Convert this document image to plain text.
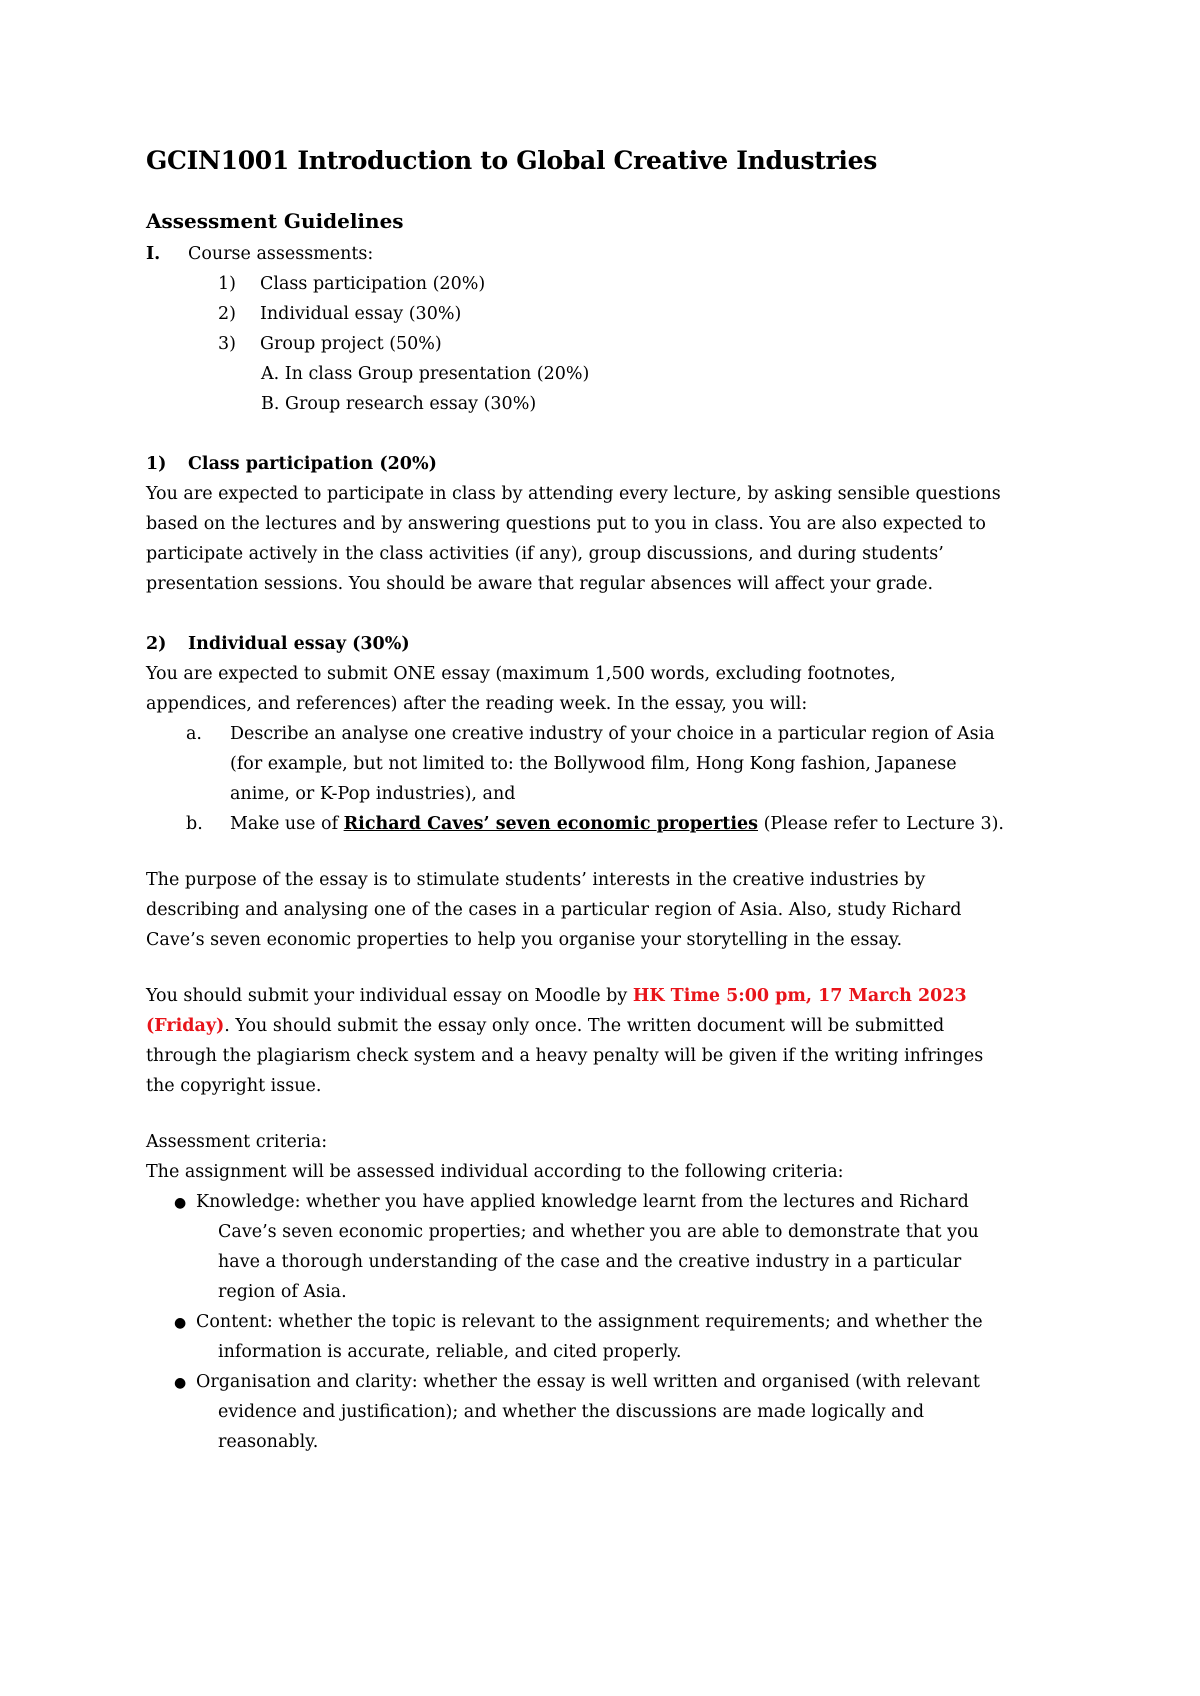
GCIN1001 Introduction to Global Creative Industries
Assessment Guidelines

I. Course assessments:

1) Class participation (20%)

2) Individual essay (30%)

3) Group project (50%)

A. In class Group presentation (20%)

B. Group research essay (30%)

1) Class participation (20%)

You are expected to participate in class by attending every lecture, by asking sensible questions

based on the lectures and by answering questions put to you in class. You are also expected to

participate actively in the class activities (if any), group discussions, and during students’

presentation sessions. You should be aware that regular absences will affect your grade.

2) Individual essay (30%)

You are expected to submit ONE essay (maximum 1,500 words, excluding footnotes,

appendices, and references) after the reading week. In the essay, you will:

a.	Describe an analyse one creative industry of your choice in a particular region of Asia
(for example, but not limited to: the Bollywood film, Hong Kong fashion, Japanese
anime, or K-Pop industries), and
b.	Make use of Richard Caves’ seven economic properties (Please refer to Lecture 3).

The purpose of the essay is to stimulate students’ interests in the creative industries by

describing and analysing one of the cases in a particular region of Asia. Also, study Richard

Cave’s seven economic properties to help you organise your storytelling in the essay.

You should submit your individual essay on Moodle by HK Time 5:00 pm, 17 March 2023

(Friday). You should submit the essay only once. The written document will be submitted

through the plagiarism check system and a heavy penalty will be given if the writing infringes

the copyright issue.

Assessment criteria:

The assignment will be assessed individual according to the following criteria:

● Knowledge: whether you have applied knowledge learnt from the lectures and Richard
Cave’s seven economic properties; and whether you are able to demonstrate that you
have a thorough understanding of the case and the creative industry in a particular
region of Asia.
● Content: whether the topic is relevant to the assignment requirements; and whether the
information is accurate, reliable, and cited properly.
● Organisation and clarity: whether the essay is well written and organised (with relevant
evidence and justification); and whether the discussions are made logically and
reasonably.
